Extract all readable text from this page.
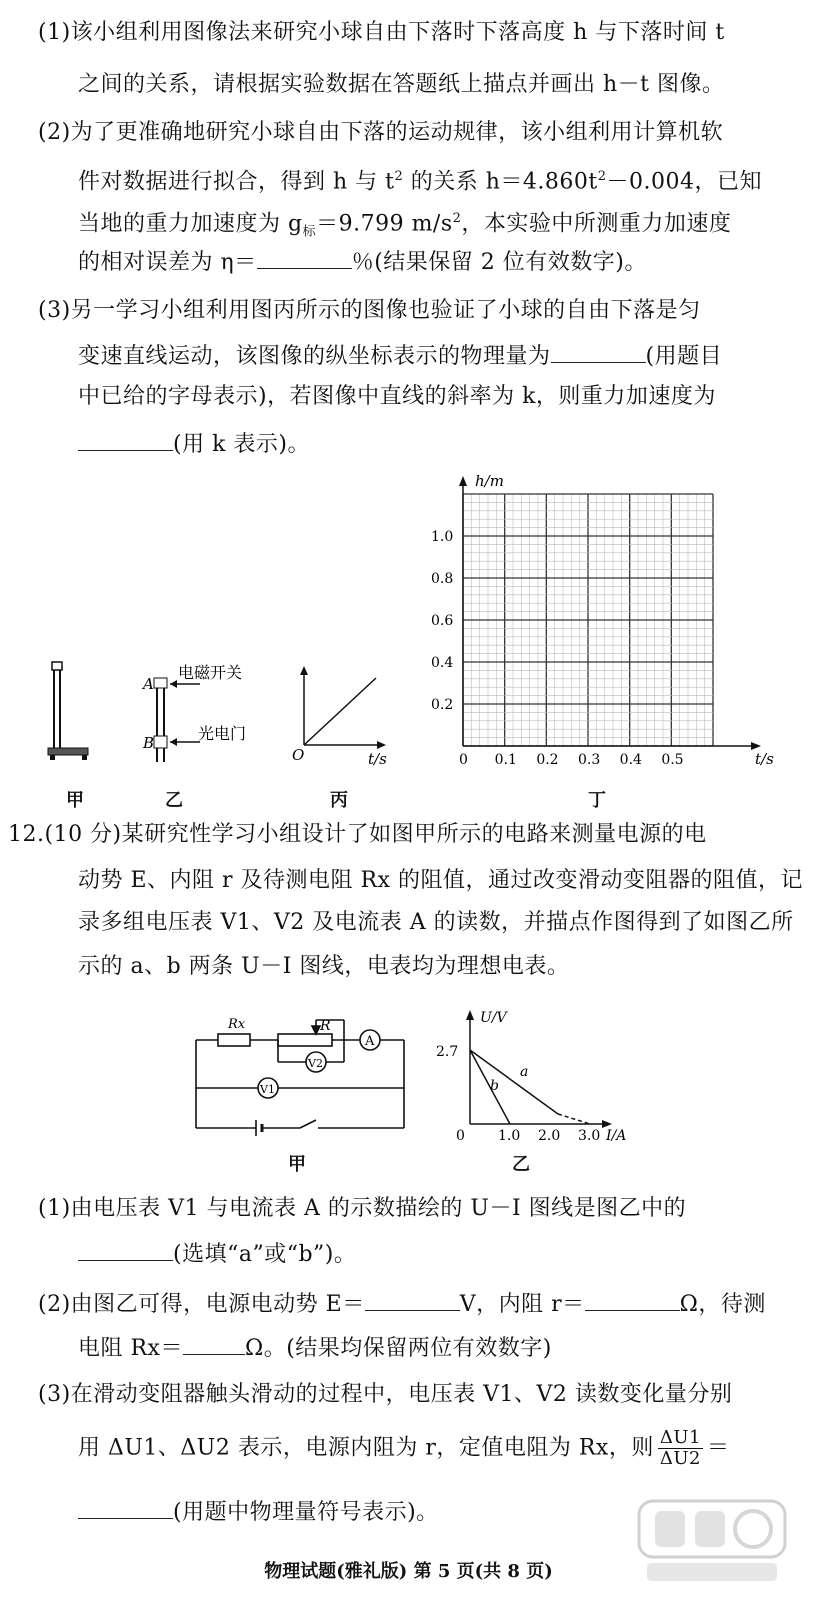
(1)该小组利用图像法来研究小球自由下落时下落高度 h 与下落时间 t
之间的关系，请根据实验数据在答题纸上描点并画出 h－t 图像。
(2)为了更准确地研究小球自由下落的运动规律，该小组利用计算机软
件对数据进行拟合，得到 h 与 $t^2$ 的关系 $h=4.860t^2-0.004$，已知
当地的重力加速度为 $g_标=9.799$ $m/s^2$，本实验中所测重力加速度
的相对误差为 η＝	％(结果保留 2 位有效数字)。
(3)另一学习小组利用图丙所示的图像也验证了小球的自由下落是匀
变速直线运动，该图像的纵坐标表示的物理量为	(用题目
中已给的字母表示)，若图像中直线的斜率为 k，则重力加速度为
(用 k 表示)。
A
B
电磁开关
光电门
O	t/s
h/m
t/s
1.0
0.8
0.6
0.4
0.2
0 0.1 0.2 0.3 0.4 0.5
甲	乙	丙	丁
12.(10 分)某研究性学习小组设计了如图甲所示的电路来测量电源的电
动势 E、内阻 r 及待测电阻 Rx 的阻值，通过改变滑动变阻器的阻值，记
录多组电压表 V1、V2 及电流表 A 的读数，并描点作图得到了如图乙所
示的 a、b 两条 U－I 图线，电表均为理想电表。
Rx	R
A
V2
V1
甲
U/V
I/A
2.7
0 1.0 2.0 3.0
a
b
乙
(1)由电压表 V1 与电流表 A 的示数描绘的 U－I 图线是图乙中的
(选填“a”或“b”)。
(2)由图乙可得，电源电动势 E＝	V，内阻 r＝	Ω，待测
电阻 Rx＝	Ω。(结果均保留两位有效数字)
(3)在滑动变阻器触头滑动的过程中，电压表 V1、V2 读数变化量分别
用 ΔU1、ΔU2 表示，电源内阻为 r，定值电阻为 Rx，则 $\frac{\Delta U1}{\Delta U2}$ ＝
(用题中物理量符号表示)。
物理试题(雅礼版) 第 5 页(共 8 页)
